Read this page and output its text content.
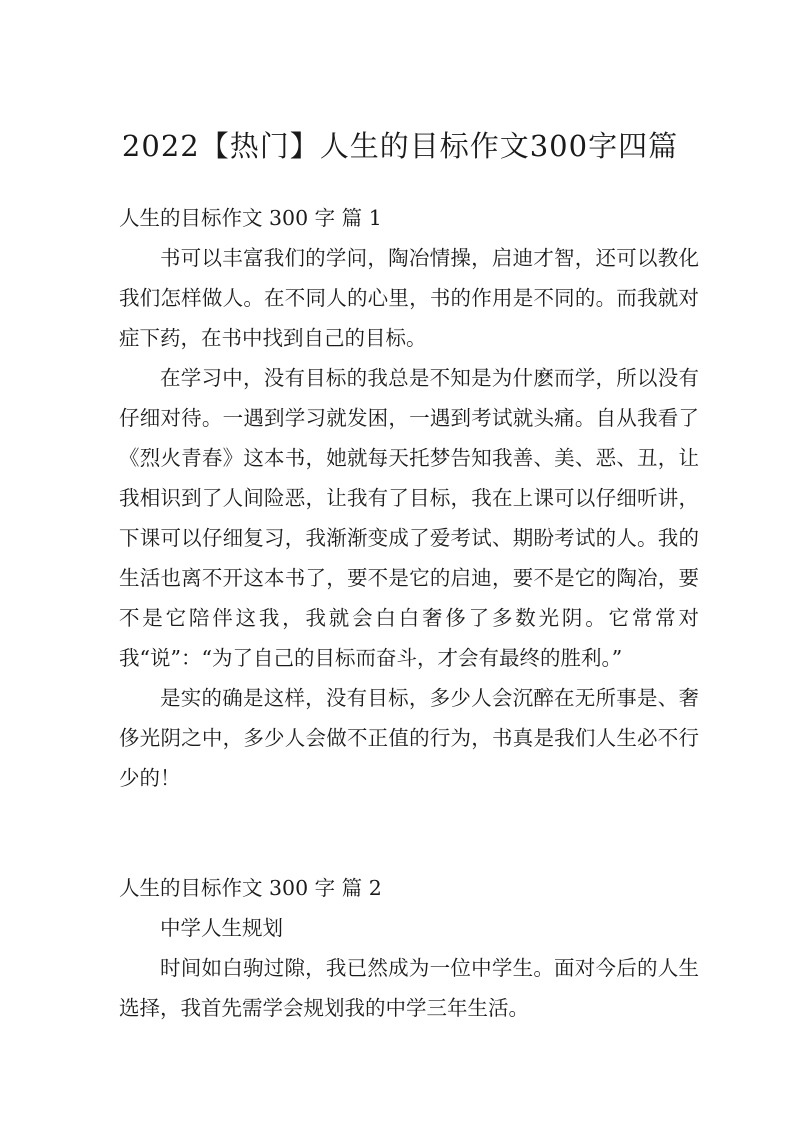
2022【热门】人生的目标作文300字四篇
人生的目标作文 300 字 篇 1
书可以丰富我们的学问，陶冶情操，启迪才智，还可以教化我们怎样做人。在不同人的心里，书的作用是不同的。而我就对症下药，在书中找到自己的目标。
在学习中，没有目标的我总是不知是为什麽而学，所以没有仔细对待。一遇到学习就发困，一遇到考试就头痛。自从我看了《烈火青春》这本书，她就每天托梦告知我善、美、恶、丑，让我相识到了人间险恶，让我有了目标，我在上课可以仔细听讲，下课可以仔细复习，我渐渐变成了爱考试、期盼考试的人。我的生活也离不开这本书了，要不是它的启迪，要不是它的陶冶，要不是它陪伴这我，我就会白白奢侈了多数光阴。它常常对我“说”：“为了自己的目标而奋斗，才会有最终的胜利。”
是实的确是这样，没有目标，多少人会沉醉在无所事是、奢侈光阴之中，多少人会做不正值的行为，书真是我们人生必不行少的！
人生的目标作文 300 字 篇 2
中学人生规划
时间如白驹过隙，我已然成为一位中学生。面对今后的人生选择，我首先需学会规划我的中学三年生活。
